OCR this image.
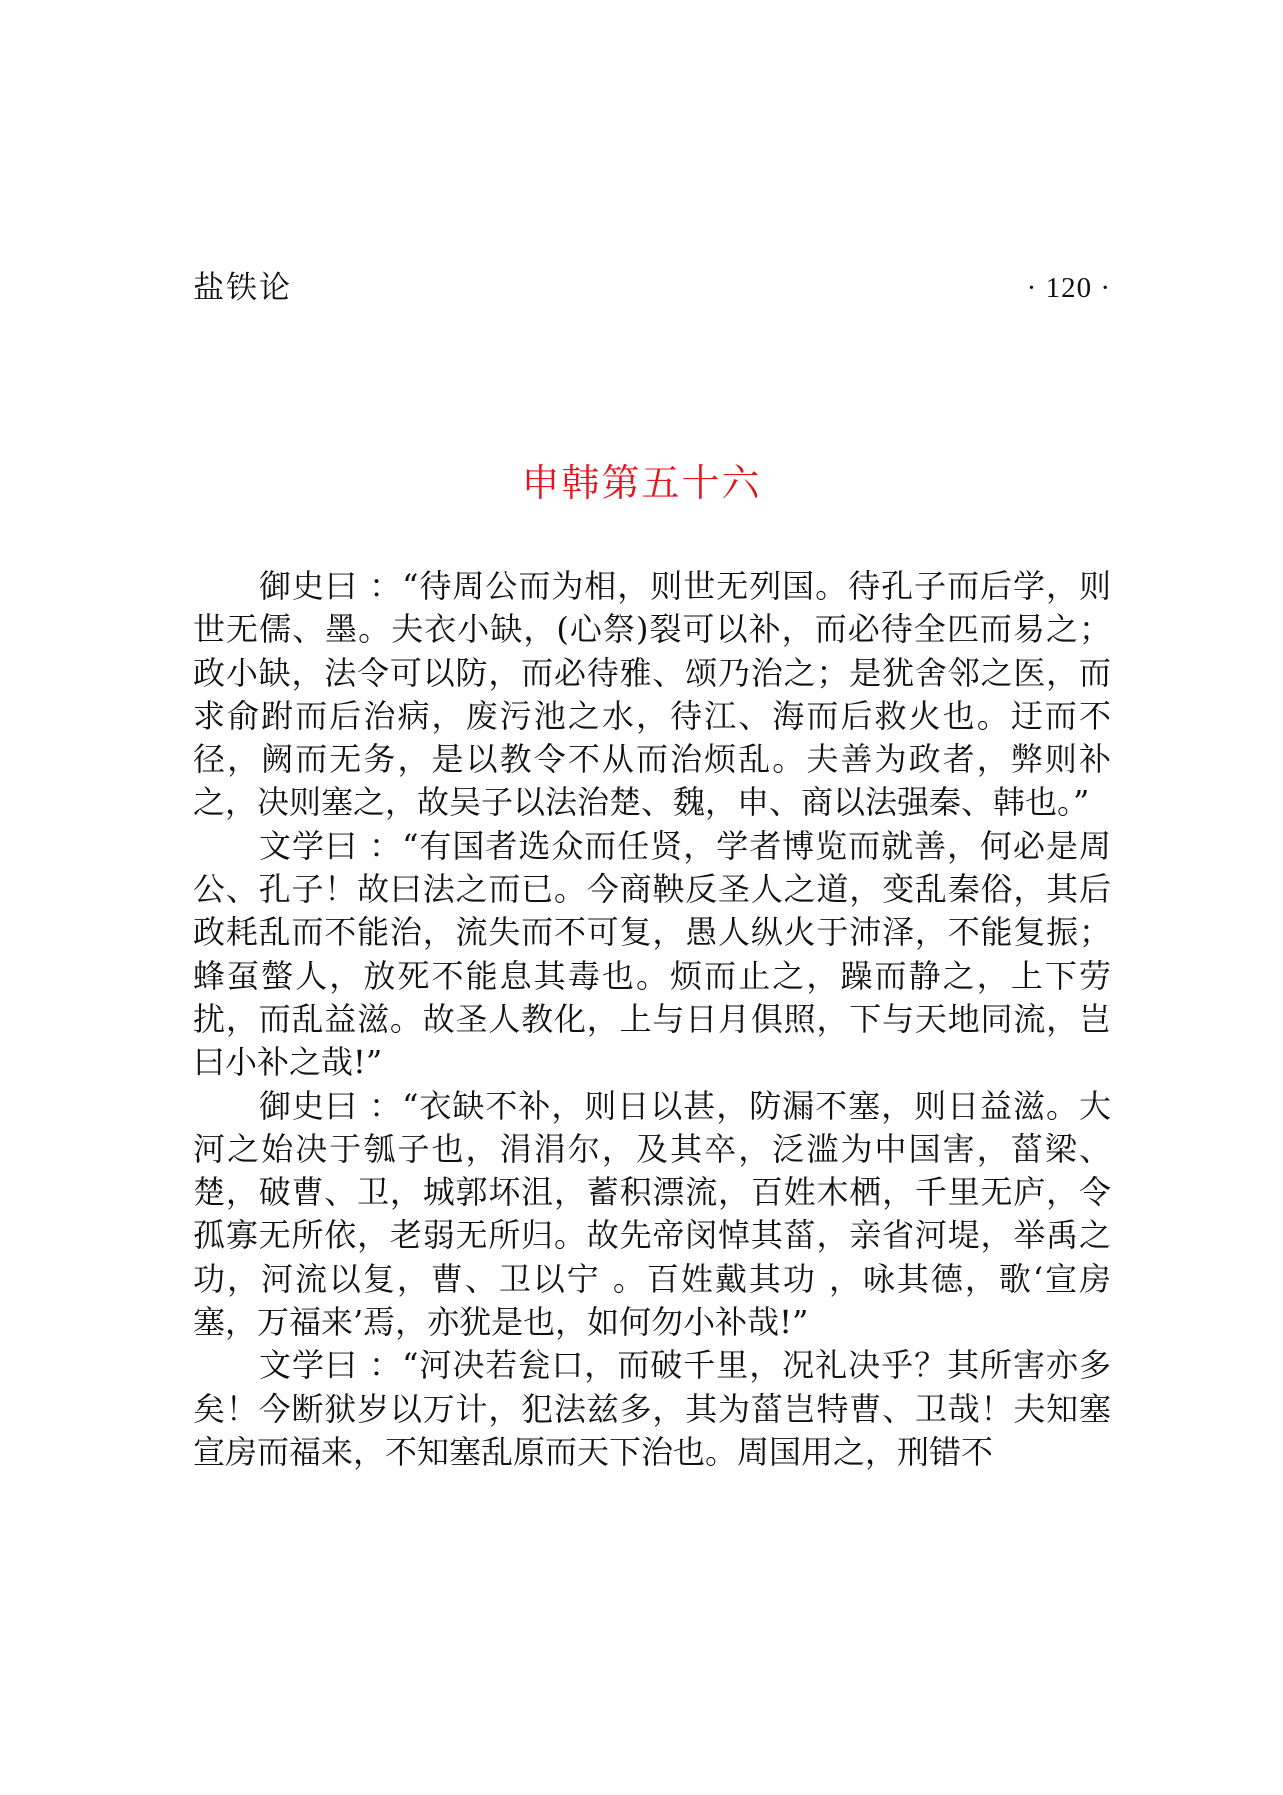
盐铁论	· 120 ·
申韩第五十六

御史曰 ：“待周公而为相，则世无列国。待孔子而后学，则世无儒、墨。夫衣小缺，(心祭)裂可以补，而必待全匹而易之；政小缺，法令可以防，而必待雅、颂乃治之；是犹舍邻之医，而求俞跗而后治病，废污池之水，待江、海而后救火也。迂而不径，阙而无务，是以教令不从而治烦乱。夫善为政者，弊则补之，决则塞之，故吴子以法治楚、魏，申、商以法强秦、韩也。”

文学曰 ：“有国者选众而任贤，学者博览而就善，何必是周公、孔子！故曰法之而已。今商鞅反圣人之道，变乱秦俗，其后政耗乱而不能治，流失而不可复，愚人纵火于沛泽，不能复振；蜂虿螫人，放死不能息其毒也。烦而止之，躁而静之，上下劳扰，而乱益滋。故圣人教化，上与日月俱照，下与天地同流，岂曰小补之哉!”

御史曰 ：“衣缺不补，则日以甚，防漏不塞，则日益滋。大河之始决于瓠子也，涓涓尔，及其卒，泛滥为中国害，菑梁、楚，破曹、卫，城郭坏沮，蓄积漂流，百姓木栖，千里无庐，令孤寡无所依，老弱无所归。故先帝闵悼其菑，亲省河堤，举禹之功，河流以复，曹、卫以宁 。百姓戴其功 ，咏其德，歌‘宣房塞，万福来’焉，亦犹是也，如何勿小补哉!”

文学曰 ：“河决若瓮口，而破千里，况礼决乎？其所害亦多矣！今断狱岁以万计，犯法兹多，其为菑岂特曹、卫哉！夫知塞宣房而福来，不知塞乱原而天下治也。周国用之，刑错不
